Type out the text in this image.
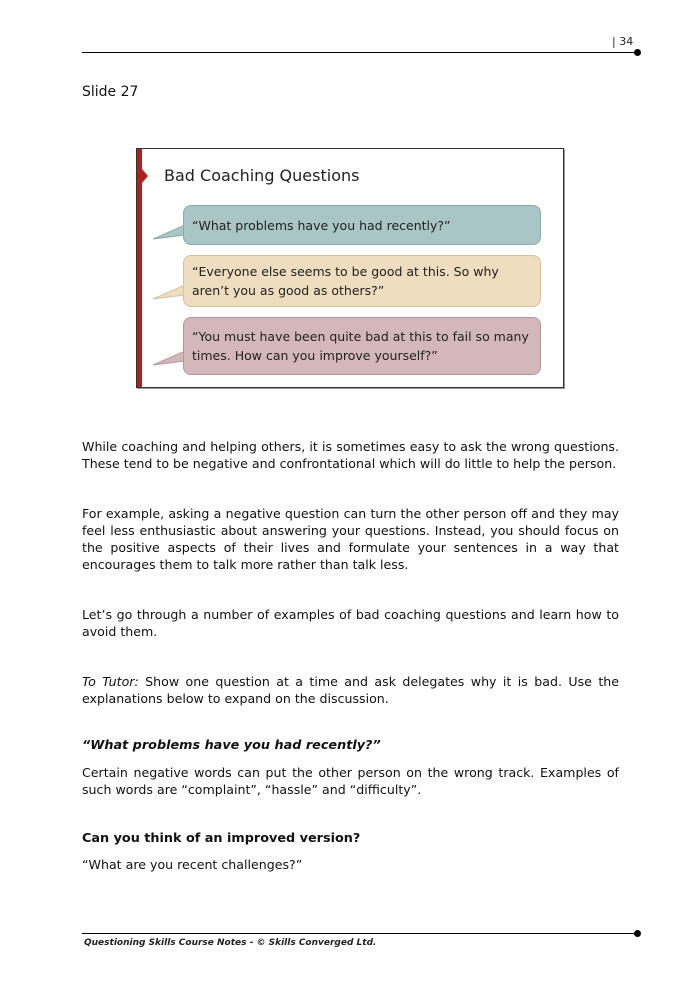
| 34
Slide 27
Bad Coaching Questions
“What problems have you had recently?”
“Everyone else seems to be good at this. So why aren’t you as good as others?”
“You must have been quite bad at this to fail so many times. How can you improve yourself?”

While coaching and helping others, it is sometimes easy to ask the wrong questions. These tend to be negative and confrontational which will do little to help the person.

For example, asking a negative question can turn the other person off and they may feel less enthusiastic about answering your questions. Instead, you should focus on the positive aspects of their lives and formulate your sentences in a way that encourages them to talk more rather than talk less.

Let’s go through a number of examples of bad coaching questions and learn how to avoid them.

To Tutor: Show one question at a time and ask delegates why it is bad. Use the explanations below to expand on the discussion.

“What problems have you had recently?”

Certain negative words can put the other person on the wrong track. Examples of such words are “complaint”, “hassle” and “difficulty”.

Can you think of an improved version?

“What are you recent challenges?”

Questioning Skills Course Notes - © Skills Converged Ltd.
